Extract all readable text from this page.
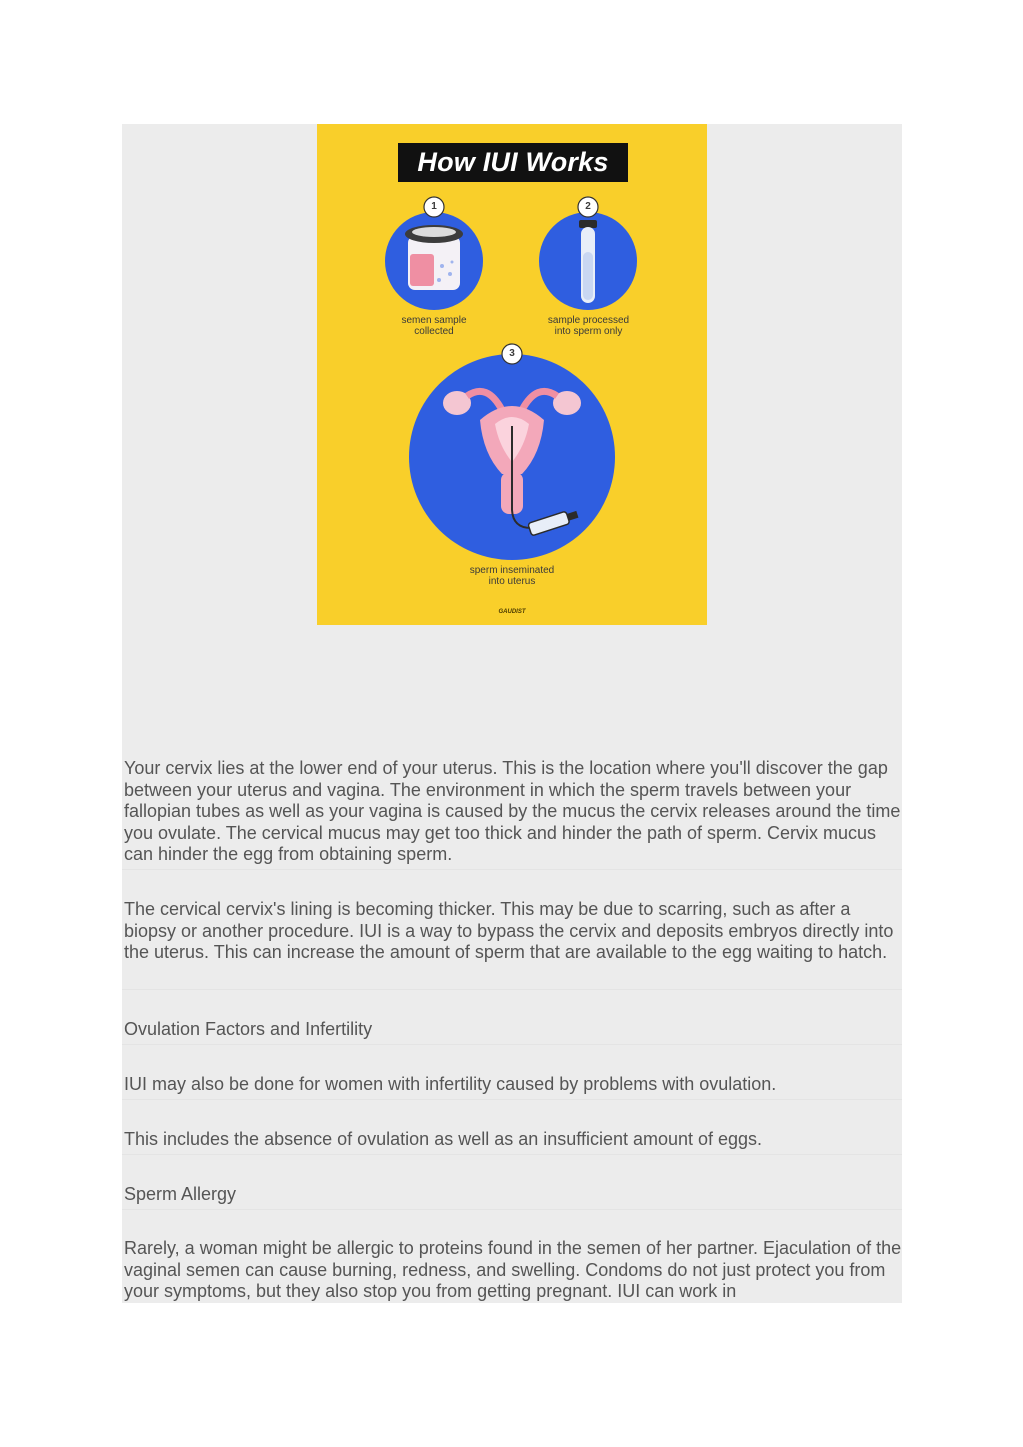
How IUI Works
1	2
3
semen sample
collected
sample processed
into sperm only
sperm inseminated
into uterus
GAUDIST

Your cervix lies at the lower end of your uterus. This is the location where you'll discover the gap between your uterus and vagina. The environment in which the sperm travels between your fallopian tubes as well as your vagina is caused by the mucus the cervix releases around the time you ovulate. The cervical mucus may get too thick and hinder the path of sperm. Cervix mucus can hinder the egg from obtaining sperm.

The cervical cervix's lining is becoming thicker. This may be due to scarring, such as after a biopsy or another procedure. IUI is a way to bypass the cervix and deposits embryos directly into the uterus. This can increase the amount of sperm that are available to the egg waiting to hatch.

Ovulation Factors and Infertility

IUI may also be done for women with infertility caused by problems with ovulation.

This includes the absence of ovulation as well as an insufficient amount of eggs.

Sperm Allergy

Rarely, a woman might be allergic to proteins found in the semen of her partner. Ejaculation of the vaginal semen can cause burning, redness, and swelling. Condoms do not just protect you from your symptoms, but they also stop you from getting pregnant. IUI can work in
